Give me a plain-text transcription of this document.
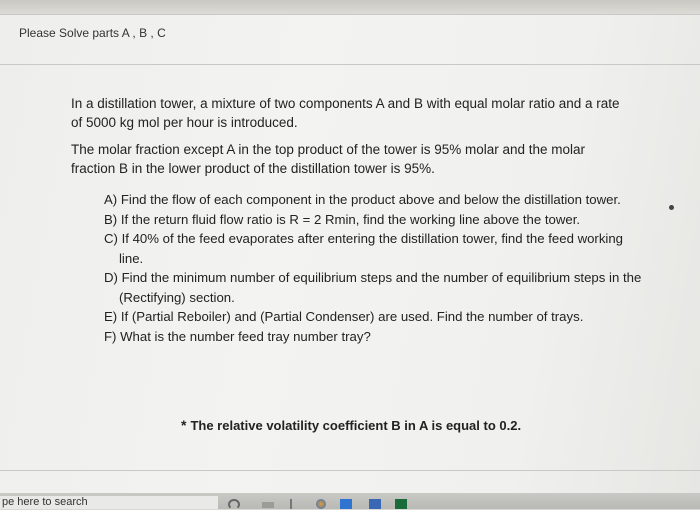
Please Solve parts A , B , C
In a distillation tower, a mixture of two components A and B with equal molar ratio and a rate of 5000 kg mol per hour is introduced.
The molar fraction except A in the top product of the tower is 95% molar and the molar fraction B in the lower product of the distillation tower is 95%.
A) Find the flow of each component in the product above and below the distillation tower.
B) If the return fluid flow ratio is R = 2 Rmin, find the working line above the tower.
C) If 40% of the feed evaporates after entering the distillation tower, find the feed working line.
D) Find the minimum number of equilibrium steps and the number of equilibrium steps in the (Rectifying) section.
E) If (Partial Reboiler) and (Partial Condenser) are used. Find the number of trays.
F) What is the number feed tray number tray?
* The relative volatility coefficient B in A is equal to 0.2.
pe here to search
